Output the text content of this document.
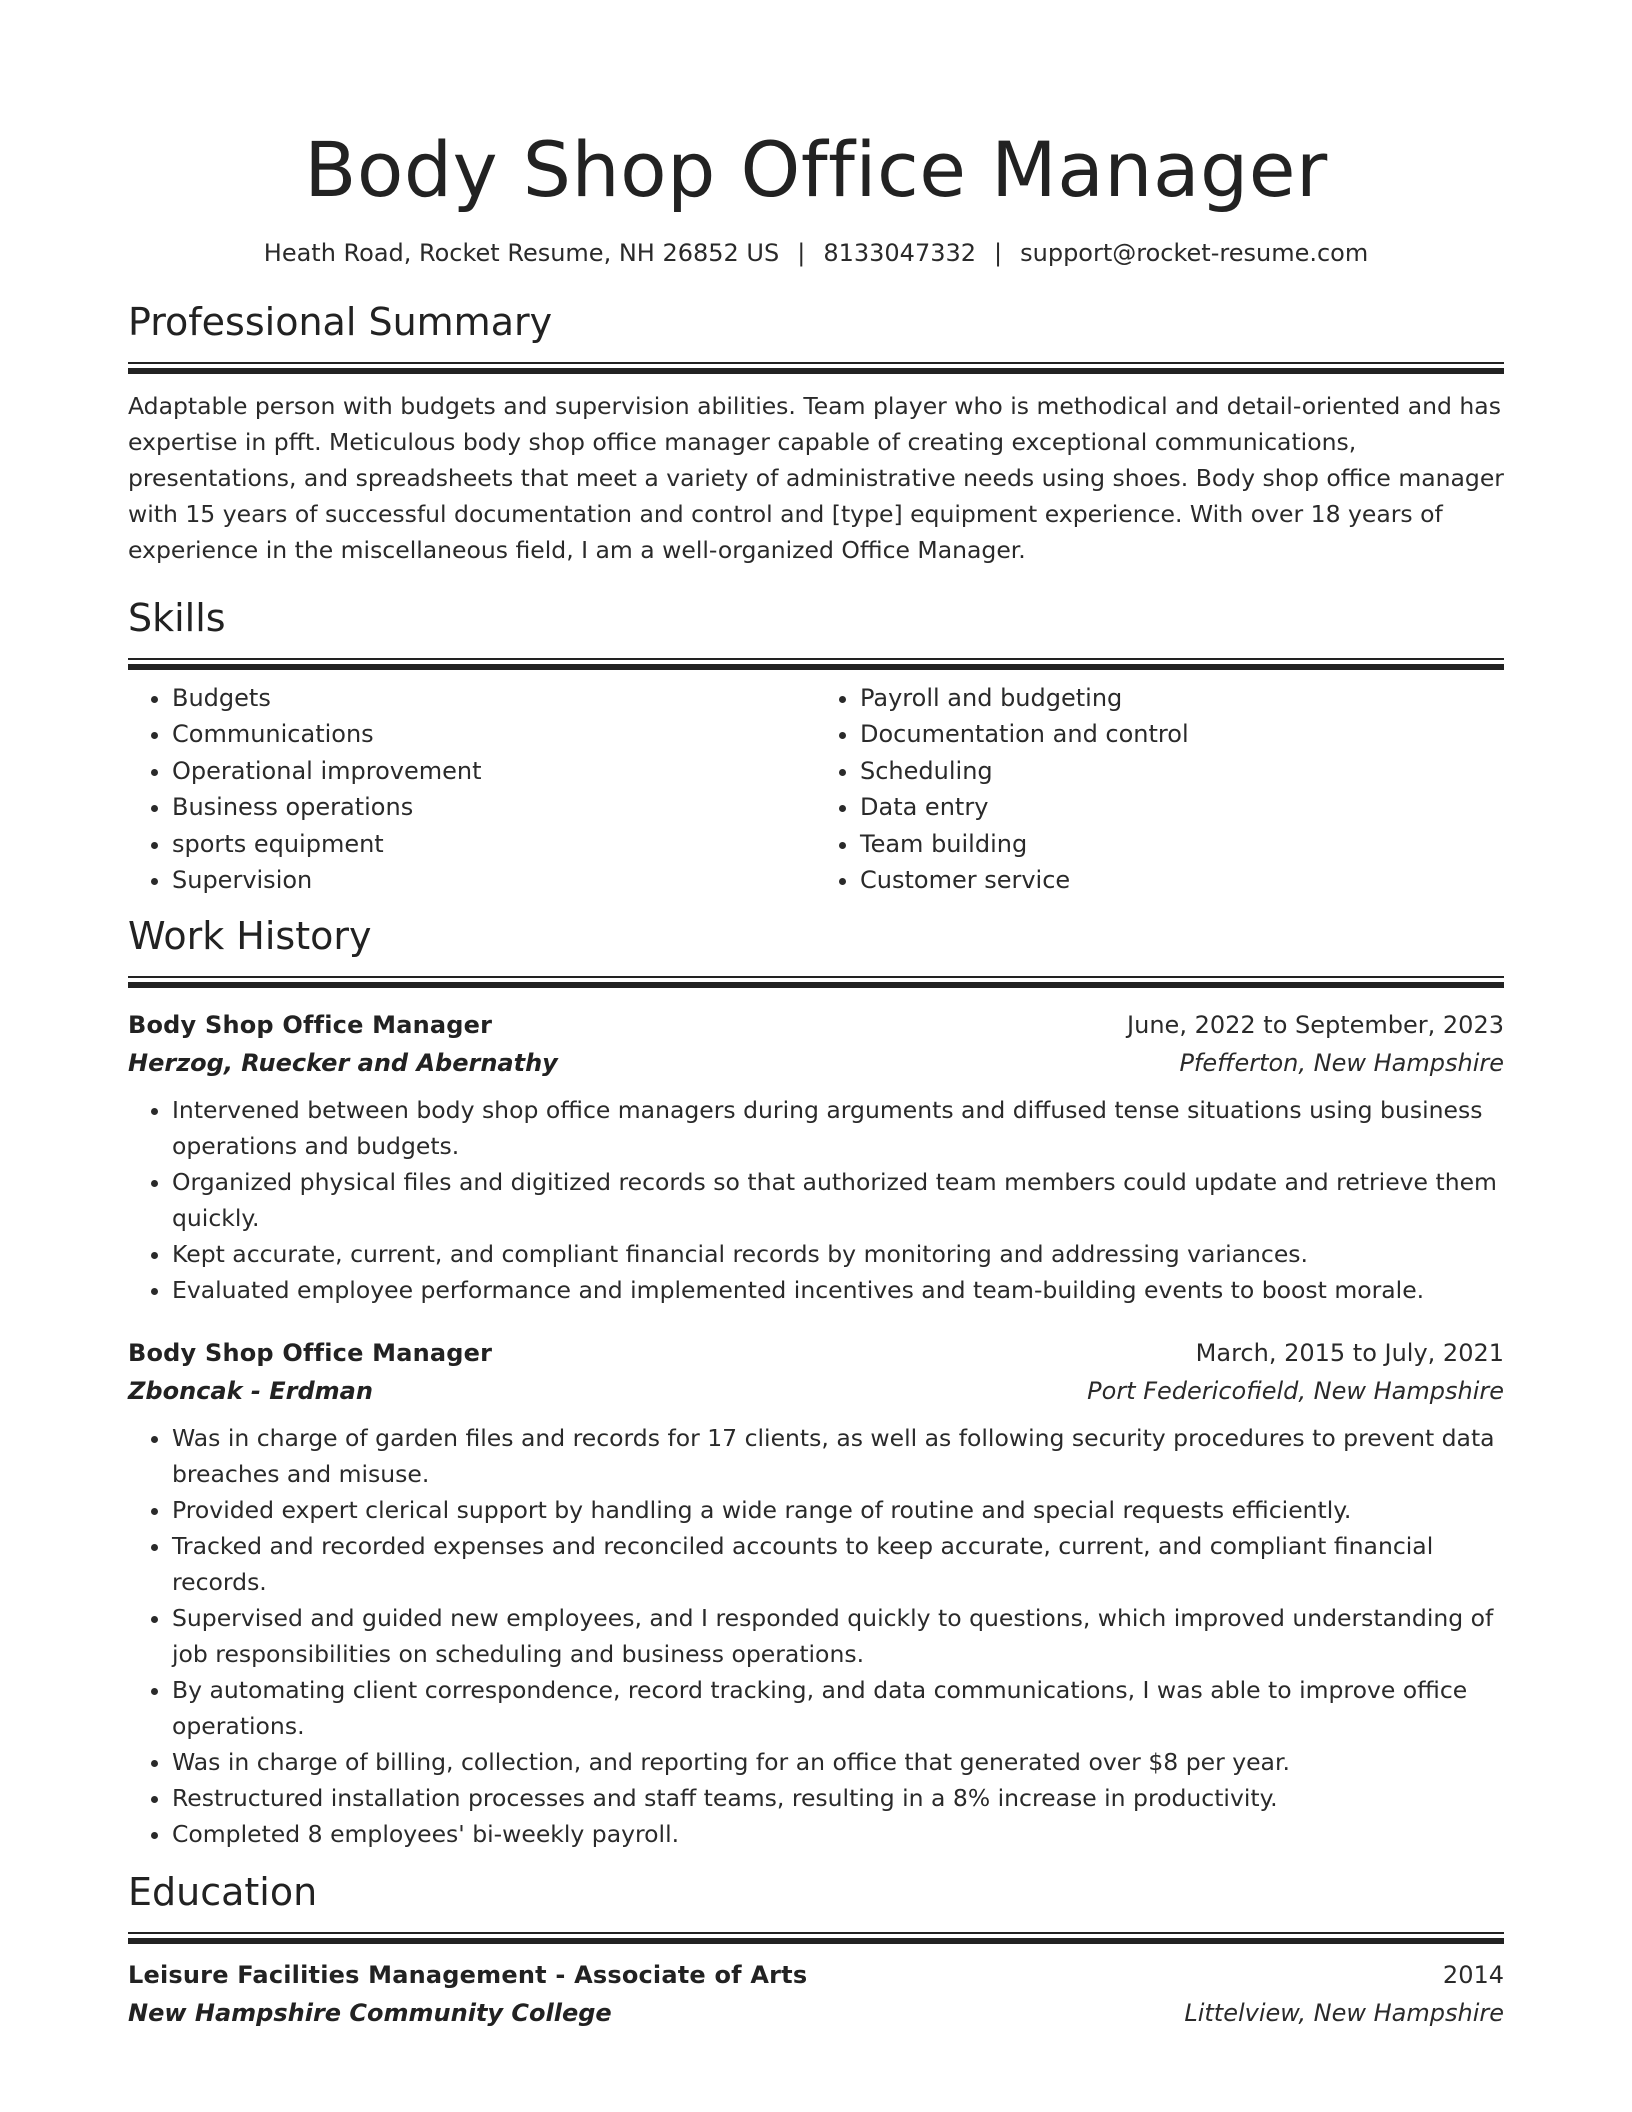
Body Shop Office Manager
Heath Road, Rocket Resume, NH 26852 US | 8133047332 | support@rocket-resume.com
Professional Summary

Adaptable person with budgets and supervision abilities. Team player who is methodical and detail-oriented and has expertise in pfft. Meticulous body shop office manager capable of creating exceptional communications, presentations, and spreadsheets that meet a variety of administrative needs using shoes. Body shop office manager with 15 years of successful documentation and control and [type] equipment experience. With over 18 years of experience in the miscellaneous field, I am a well-organized Office Manager.

Skills
• Budgets
• Communications
• Operational improvement
• Business operations
• sports equipment
• Supervision
• Payroll and budgeting
• Documentation and control
• Scheduling
• Data entry
• Team building
• Customer service
Work History
Body Shop Office Manager	June, 2022 to September, 2023
Herzog, Ruecker and Abernathy	Pfefferton, New Hampshire
• Intervened between body shop office managers during arguments and diffused tense situations using business operations and budgets.
• Organized physical files and digitized records so that authorized team members could update and retrieve them quickly.
• Kept accurate, current, and compliant financial records by monitoring and addressing variances.
• Evaluated employee performance and implemented incentives and team-building events to boost morale.
Body Shop Office Manager	March, 2015 to July, 2021
Zboncak - Erdman	Port Federicofield, New Hampshire
• Was in charge of garden files and records for 17 clients, as well as following security procedures to prevent data breaches and misuse.
• Provided expert clerical support by handling a wide range of routine and special requests efficiently.
• Tracked and recorded expenses and reconciled accounts to keep accurate, current, and compliant financial records.
• Supervised and guided new employees, and I responded quickly to questions, which improved understanding of job responsibilities on scheduling and business operations.
• By automating client correspondence, record tracking, and data communications, I was able to improve office operations.
• Was in charge of billing, collection, and reporting for an office that generated over $8 per year.
• Restructured installation processes and staff teams, resulting in a 8% increase in productivity.
• Completed 8 employees' bi-weekly payroll.
Education
Leisure Facilities Management - Associate of Arts	2014
New Hampshire Community College	Littelview, New Hampshire
